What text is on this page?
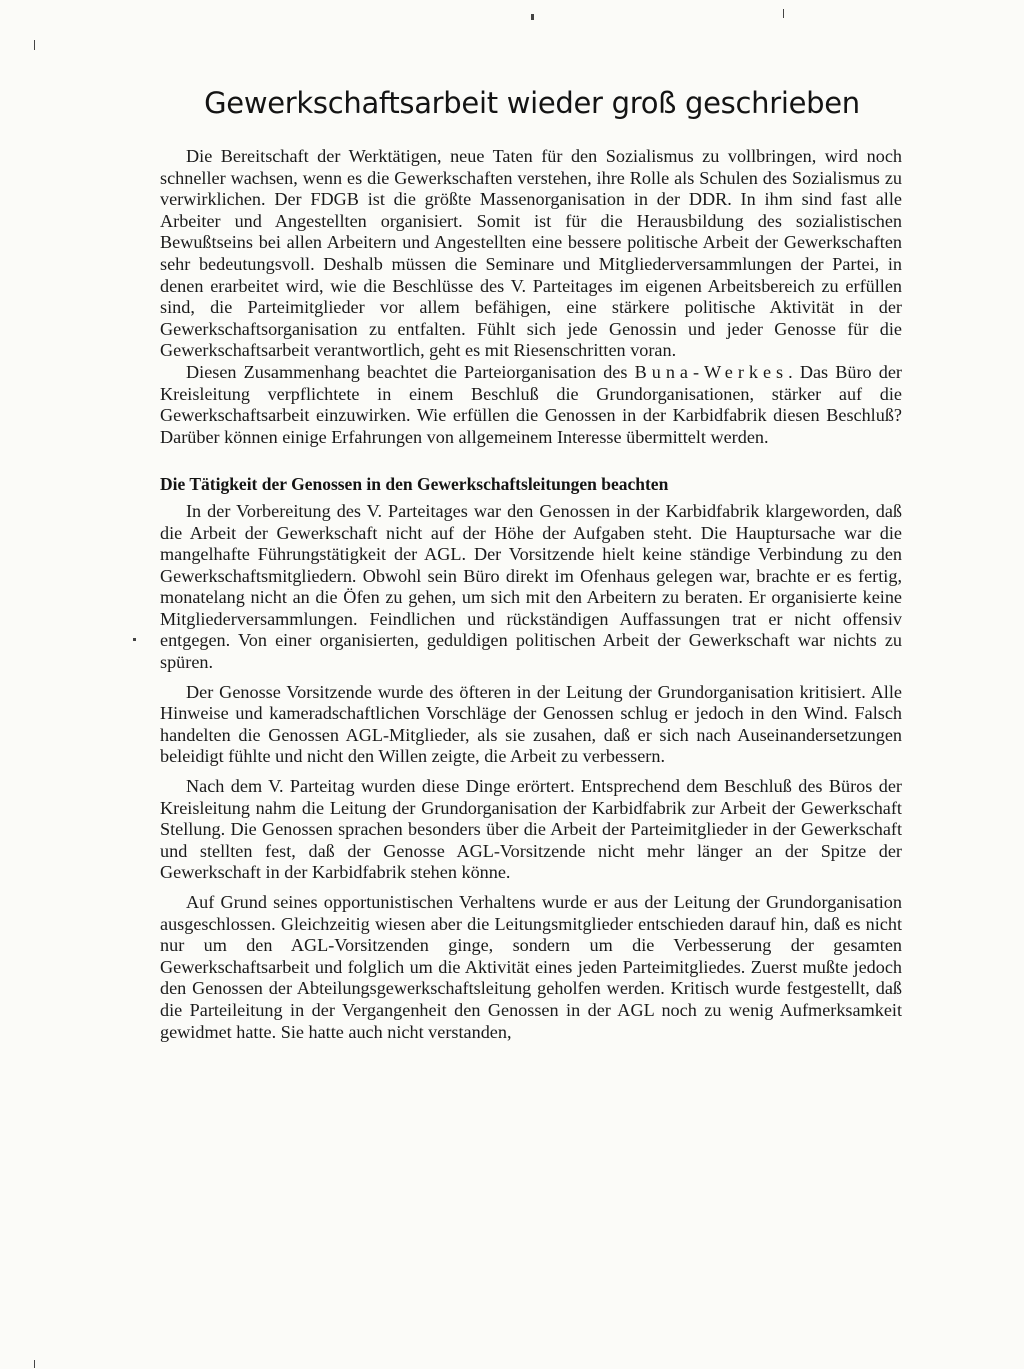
Gewerkschaftsarbeit wieder groß geschrieben

Die Bereitschaft der Werktätigen, neue Taten für den Sozialismus zu vollbringen, wird noch schneller wachsen, wenn es die Gewerkschaften verstehen, ihre Rolle als Schulen des Sozialismus zu verwirklichen. Der FDGB ist die größte Massenorganisation in der DDR. In ihm sind fast alle Arbeiter und Angestellten organisiert. Somit ist für die Herausbildung des sozialistischen Bewußtseins bei allen Arbeitern und Angestellten eine bessere politische Arbeit der Gewerkschaften sehr bedeutungsvoll. Deshalb müssen die Seminare und Mitgliederversammlungen der Partei, in denen erarbeitet wird, wie die Beschlüsse des V. Parteitages im eigenen Arbeitsbereich zu erfüllen sind, die Parteimitglieder vor allem befähigen, eine stärkere politische Aktivität in der Gewerkschaftsorganisation zu entfalten. Fühlt sich jede Genossin und jeder Genosse für die Gewerkschaftsarbeit verantwortlich, geht es mit Riesenschritten voran.

Diesen Zusammenhang beachtet die Parteiorganisation des Buna-Werkes. Das Büro der Kreisleitung verpflichtete in einem Beschluß die Grundorganisationen, stärker auf die Gewerkschaftsarbeit einzuwirken. Wie erfüllen die Genossen in der Karbidfabrik diesen Beschluß? Darüber können einige Erfahrungen von allgemeinem Interesse übermittelt werden.

Die Tätigkeit der Genossen in den Gewerkschaftsleitungen beachten

In der Vorbereitung des V. Parteitages war den Genossen in der Karbidfabrik klargeworden, daß die Arbeit der Gewerkschaft nicht auf der Höhe der Aufgaben steht. Die Hauptursache war die mangelhafte Führungstätigkeit der AGL. Der Vorsitzende hielt keine ständige Verbindung zu den Gewerkschaftsmitgliedern. Obwohl sein Büro direkt im Ofenhaus gelegen war, brachte er es fertig, monatelang nicht an die Öfen zu gehen, um sich mit den Arbeitern zu beraten. Er organisierte keine Mitgliederversammlungen. Feindlichen und rückständigen Auffassungen trat er nicht offensiv entgegen. Von einer organisierten, geduldigen politischen Arbeit der Gewerkschaft war nichts zu spüren.

Der Genosse Vorsitzende wurde des öfteren in der Leitung der Grundorganisation kritisiert. Alle Hinweise und kameradschaftlichen Vorschläge der Genossen schlug er jedoch in den Wind. Falsch handelten die Genossen AGL-Mitglieder, als sie zusahen, daß er sich nach Auseinandersetzungen beleidigt fühlte und nicht den Willen zeigte, die Arbeit zu verbessern.

Nach dem V. Parteitag wurden diese Dinge erörtert. Entsprechend dem Beschluß des Büros der Kreisleitung nahm die Leitung der Grundorganisation der Karbidfabrik zur Arbeit der Gewerkschaft Stellung. Die Genossen sprachen besonders über die Arbeit der Parteimitglieder in der Gewerkschaft und stellten fest, daß der Genosse AGL-Vorsitzende nicht mehr länger an der Spitze der Gewerkschaft in der Karbidfabrik stehen könne.

Auf Grund seines opportunistischen Verhaltens wurde er aus der Leitung der Grundorganisation ausgeschlossen. Gleichzeitig wiesen aber die Leitungsmitglieder entschieden darauf hin, daß es nicht nur um den AGL-Vorsitzenden ginge, sondern um die Verbesserung der gesamten Gewerkschaftsarbeit und folglich um die Aktivität eines jeden Parteimitgliedes. Zuerst mußte jedoch den Genossen der Abteilungsgewerkschaftsleitung geholfen werden. Kritisch wurde festgestellt, daß die Parteileitung in der Vergangenheit den Genossen in der AGL noch zu wenig Aufmerksamkeit gewidmet hatte. Sie hatte auch nicht verstanden,
